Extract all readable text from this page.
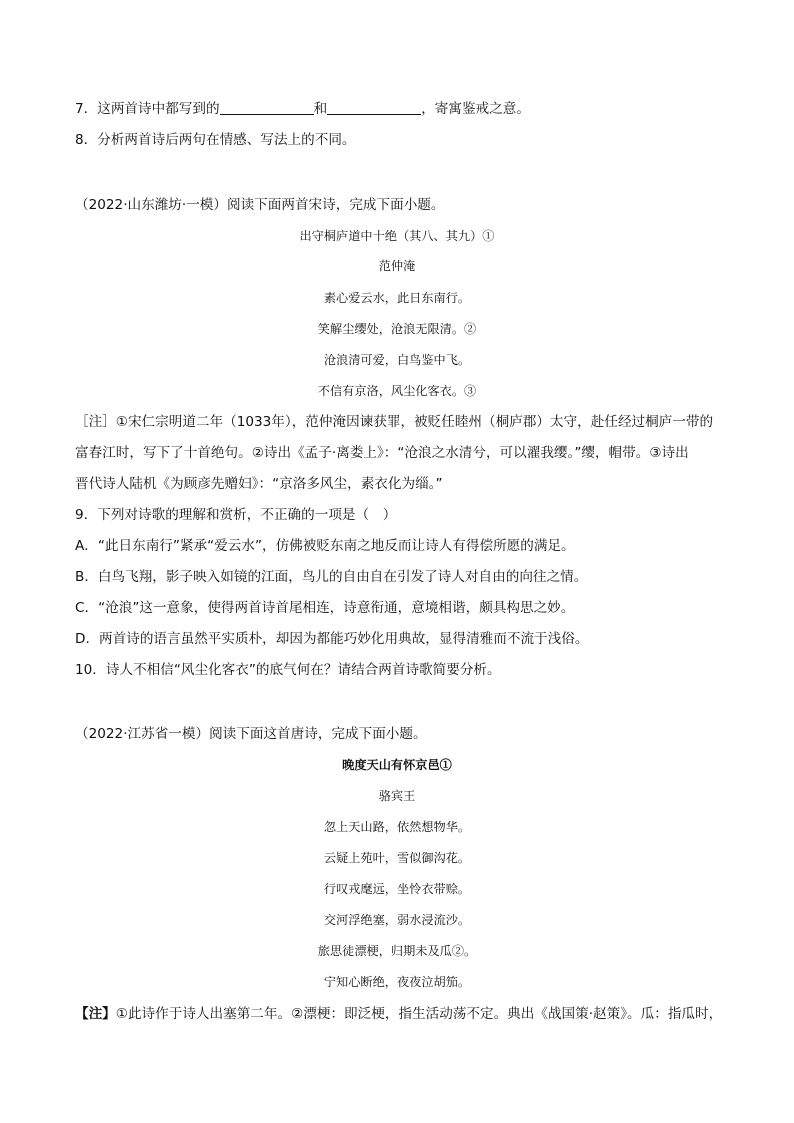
7．这两首诗中都写到的	和	，寄寓鉴戒之意。
8．分析两首诗后两句在情感、写法上的不同。
（2022·山东潍坊·一模）阅读下面两首宋诗，完成下面小题。
出守桐庐道中十绝（其八、其九）①
范仲淹
素心爱云水，此日东南行。
笑解尘缨处，沧浪无限清。②
沧浪清可爱，白鸟鉴中飞。
不信有京洛，风尘化客衣。③
［注］①宋仁宗明道二年（1033年），范仲淹因谏获罪，被贬任睦州（桐庐郡）太守，赴任经过桐庐一带的
富春江时，写下了十首绝句。②诗出《孟子·离娄上》：“沧浪之水清兮，可以濯我缨。”缨，帽带。③诗出
晋代诗人陆机《为顾彦先赠妇》：“京洛多风尘，素衣化为缁。”
9．下列对诗歌的理解和赏析，不正确的一项是（　）
A．“此日东南行”紧承“爱云水”，仿佛被贬东南之地反而让诗人有得偿所愿的满足。
B．白鸟飞翔，影子映入如镜的江面，鸟儿的自由自在引发了诗人对自由的向往之情。
C．“沧浪”这一意象，使得两首诗首尾相连，诗意衔通，意境相谐，颇具构思之妙。
D．两首诗的语言虽然平实质朴，却因为都能巧妙化用典故，显得清雅而不流于浅俗。
10．诗人不相信“风尘化客衣”的底气何在？请结合两首诗歌简要分析。
（2022·江苏省一模）阅读下面这首唐诗，完成下面小题。
晚度天山有怀京邑①
骆宾王
忽上天山路，依然想物华。
云疑上苑叶，雪似御沟花。
行叹戎麾远，坐怜衣带赊。
交河浮绝塞，弱水浸流沙。
旅思徒漂梗，归期未及瓜②。
宁知心断绝，夜夜泣胡笳。
【注】①此诗作于诗人出塞第二年。②漂梗：即泛梗，指生活动荡不定。典出《战国策·赵策》。瓜：指瓜时，
